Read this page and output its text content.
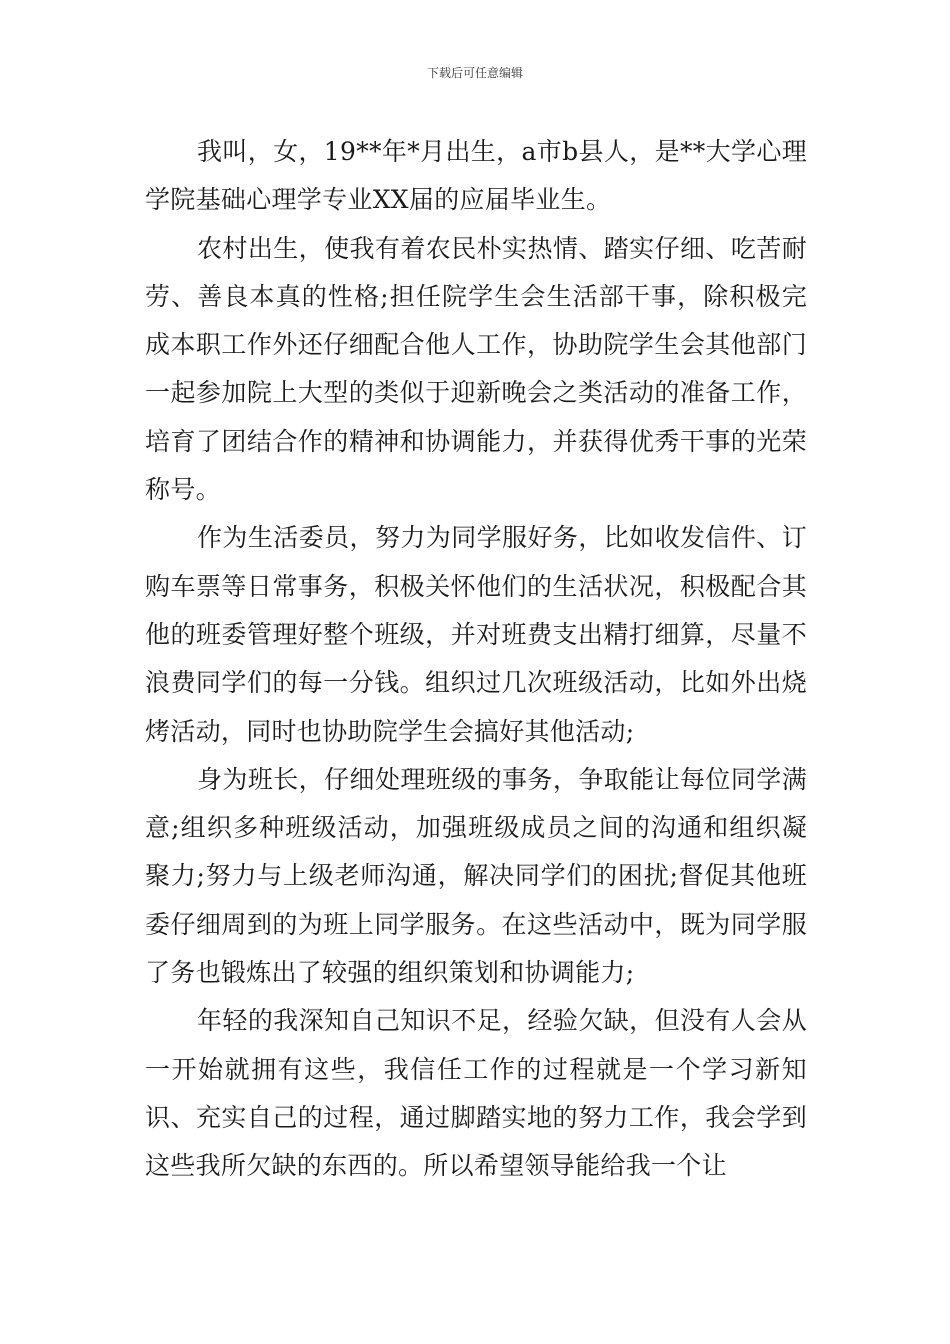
下载后可任意编辑

我叫，女，19**年*月出生，a市b县人，是**大学心理学院基础心理学专业XX届的应届毕业生。

农村出生，使我有着农民朴实热情、踏实仔细、吃苦耐劳、善良本真的性格;担任院学生会生活部干事，除积极完成本职工作外还仔细配合他人工作，协助院学生会其他部门一起参加院上大型的类似于迎新晚会之类活动的准备工作，培育了团结合作的精神和协调能力，并获得优秀干事的光荣称号。

作为生活委员，努力为同学服好务，比如收发信件、订购车票等日常事务，积极关怀他们的生活状况，积极配合其他的班委管理好整个班级，并对班费支出精打细算，尽量不浪费同学们的每一分钱。组织过几次班级活动，比如外出烧烤活动，同时也协助院学生会搞好其他活动;

身为班长，仔细处理班级的事务，争取能让每位同学满意;组织多种班级活动，加强班级成员之间的沟通和组织凝聚力;努力与上级老师沟通，解决同学们的困扰;督促其他班委仔细周到的为班上同学服务。在这些活动中，既为同学服了务也锻炼出了较强的组织策划和协调能力;

年轻的我深知自己知识不足，经验欠缺，但没有人会从一开始就拥有这些，我信任工作的过程就是一个学习新知识、充实自己的过程，通过脚踏实地的努力工作，我会学到这些我所欠缺的东西的。所以希望领导能给我一个让
